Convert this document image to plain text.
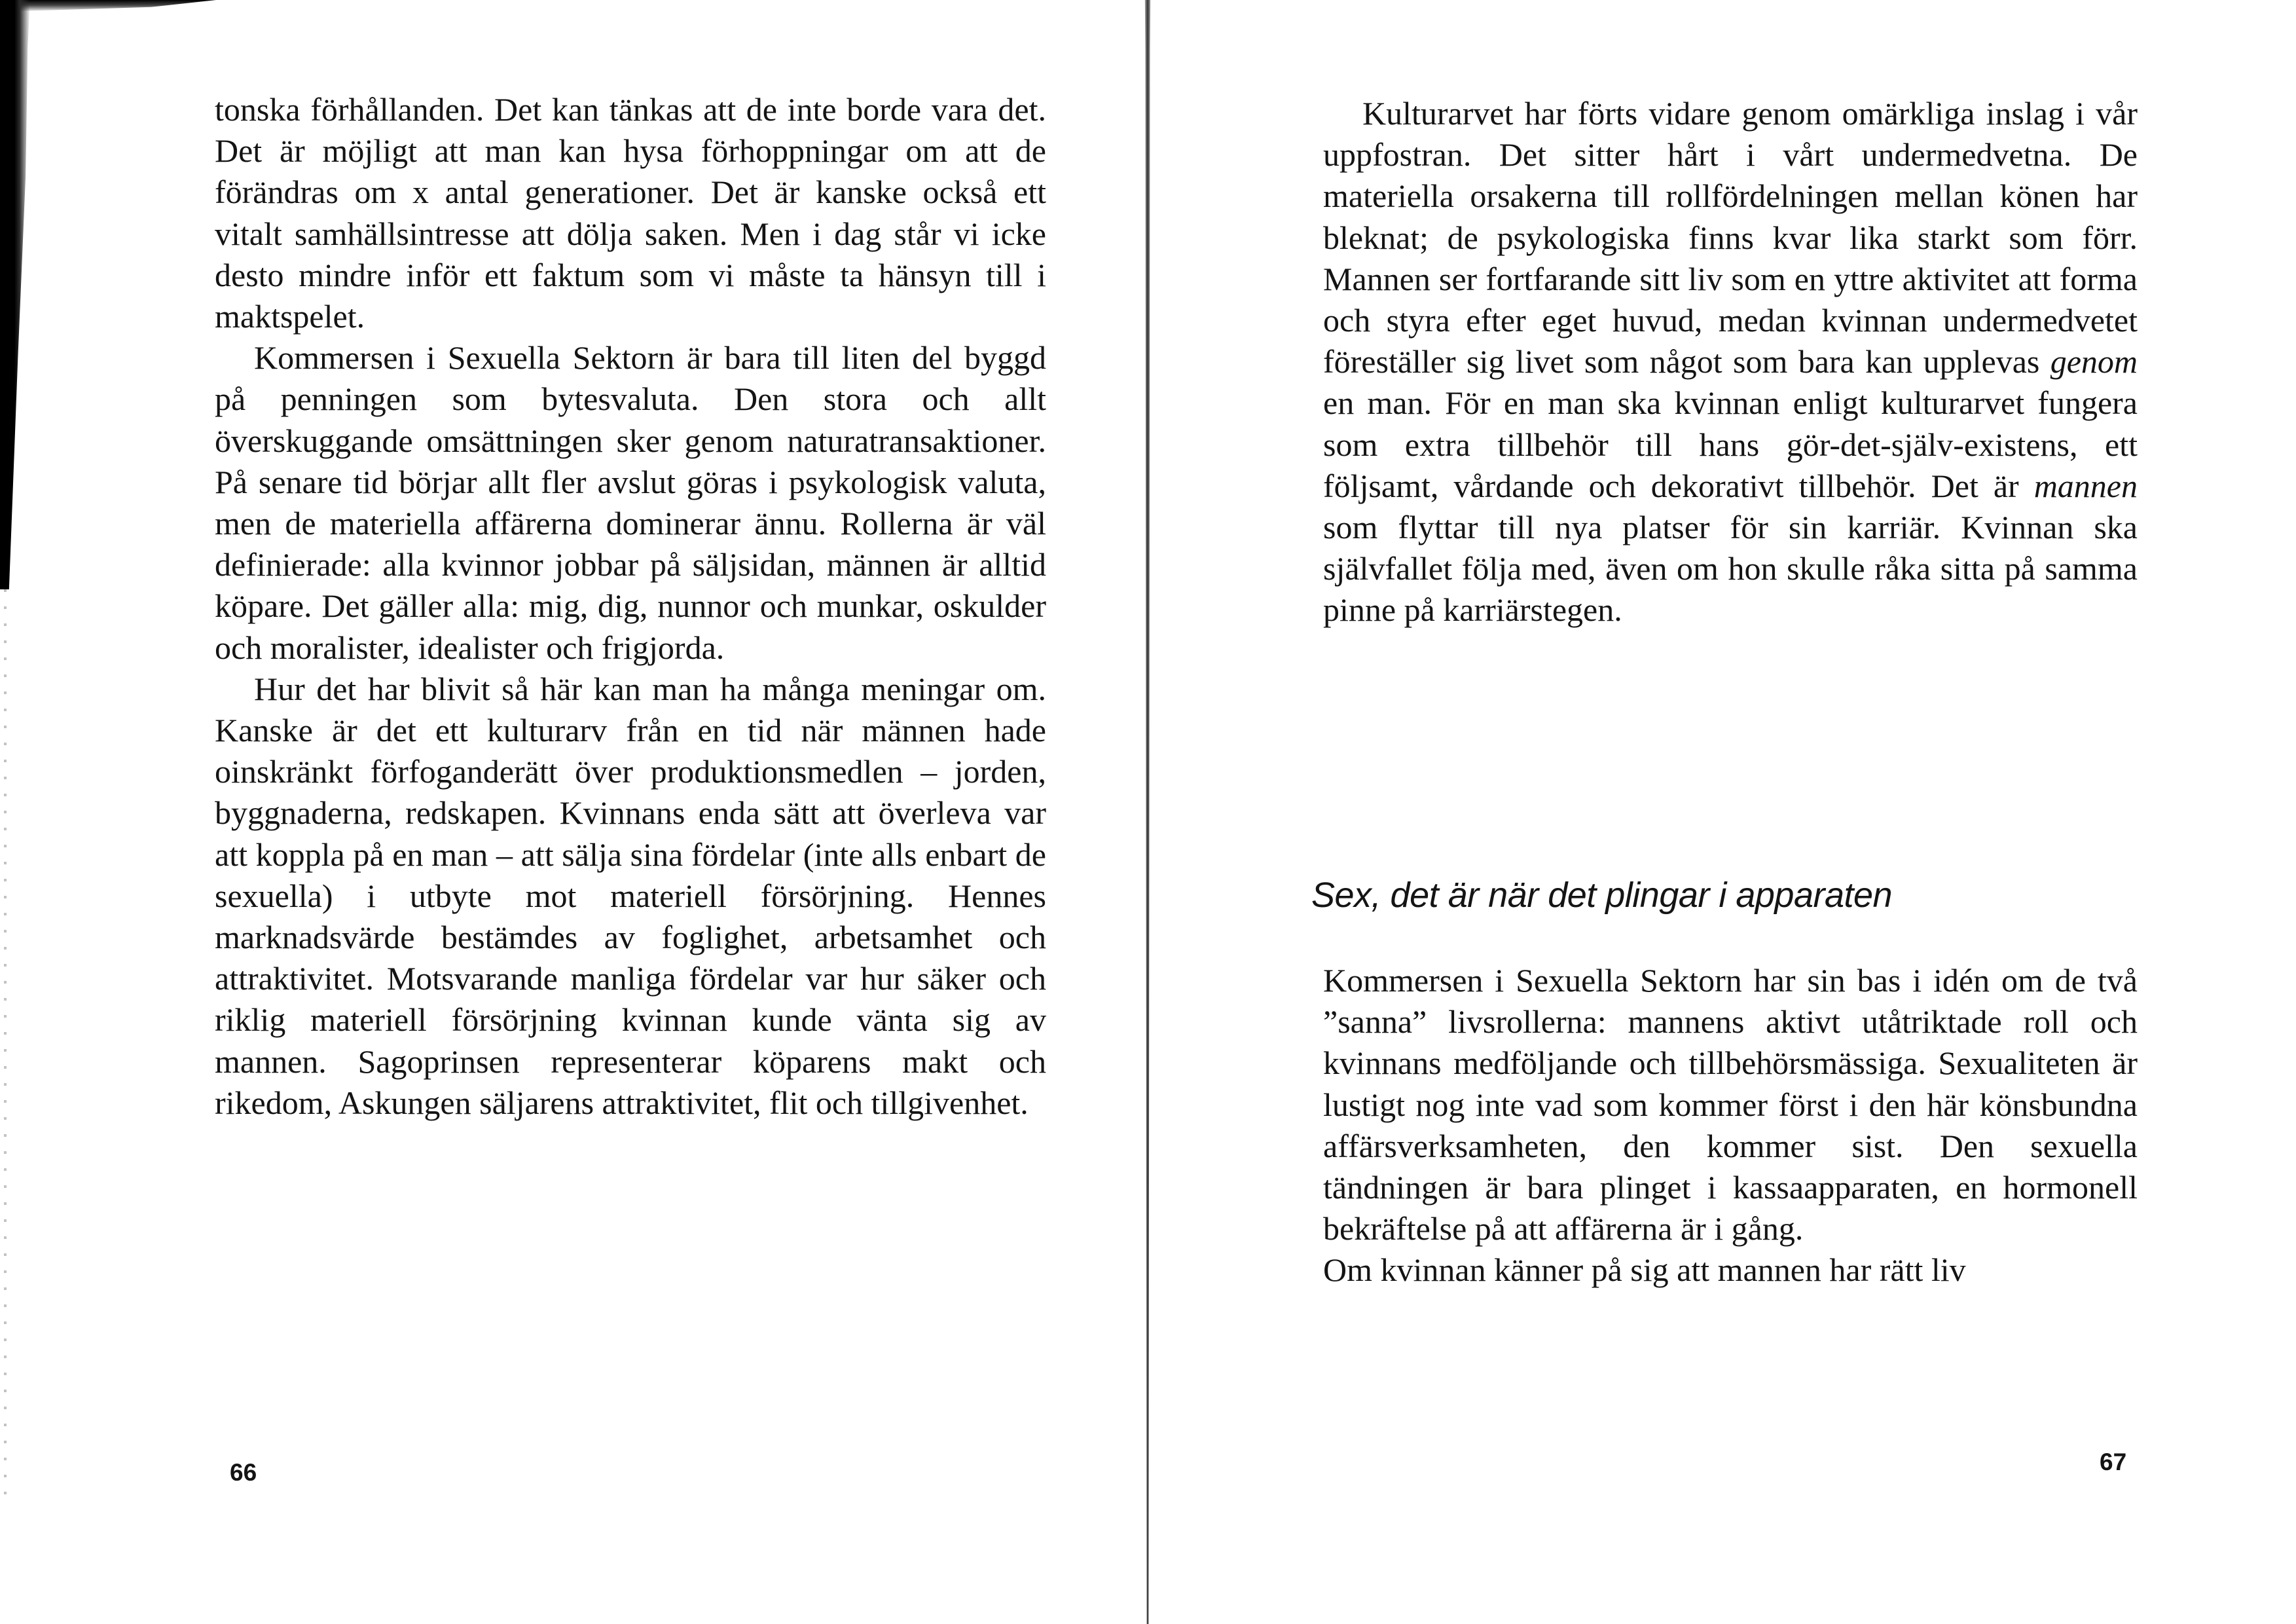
tonska förhållanden. Det kan tänkas att de inte borde vara det. Det är möjligt att man kan hysa förhoppningar om att de förändras om x antal generationer. Det är kanske också ett vitalt samhällsintresse att dölja saken. Men i dag står vi icke desto mindre inför ett faktum som vi måste ta hänsyn till i maktspelet.

Kommersen i Sexuella Sektorn är bara till liten del byggd på penningen som bytesvaluta. Den stora och allt överskuggande omsättningen sker genom naturatransaktioner. På senare tid börjar allt fler avslut göras i psykologisk valuta, men de materiella affärerna dominerar ännu. Rollerna är väl definierade: alla kvinnor jobbar på säljsidan, männen är alltid köpare. Det gäller alla: mig, dig, nunnor och munkar, oskulder och moralister, idealister och frigjorda.

Hur det har blivit så här kan man ha många meningar om. Kanske är det ett kulturarv från en tid när männen hade oinskränkt förfoganderätt över produktionsmedlen – jorden, byggnaderna, redskapen. Kvinnans enda sätt att överleva var att koppla på en man – att sälja sina fördelar (inte alls enbart de sexuella) i utbyte mot materiell försörjning. Hennes marknadsvärde bestämdes av foglighet, arbetsamhet och attraktivitet. Motsvarande manliga fördelar var hur säker och riklig materiell försörjning kvinnan kunde vänta sig av mannen. Sagoprinsen representerar köparens makt och rikedom, Askungen säljarens attraktivitet, flit och tillgivenhet.

66

Kulturarvet har förts vidare genom omärkliga inslag i vår uppfostran. Det sitter hårt i vårt undermedvetna. De materiella orsakerna till rollfördelningen mellan könen har bleknat; de psykologiska finns kvar lika starkt som förr. Mannen ser fortfarande sitt liv som en yttre aktivitet att forma och styra efter eget huvud, medan kvinnan undermedvetet föreställer sig livet som något som bara kan upplevas genom en man. För en man ska kvinnan enligt kulturarvet fungera som extra tillbehör till hans gör-det-själv-existens, ett följsamt, vårdande och dekorativt tillbehör. Det är mannen som flyttar till nya platser för sin karriär. Kvinnan ska självfallet följa med, även om hon skulle råka sitta på samma pinne på karriärstegen.

Sex, det är när det plingar i apparaten

Kommersen i Sexuella Sektorn har sin bas i idén om de två ”sanna” livsrollerna: mannens aktivt utåtriktade roll och kvinnans medföljande och tillbehörsmässiga. Sexualiteten är lustigt nog inte vad som kommer först i den här könsbundna affärsverksamheten, den kommer sist. Den sexuella tändningen är bara plinget i kassaapparaten, en hormonell bekräftelse på att affärerna är i gång.

Om kvinnan känner på sig att mannen har rätt liv

67
